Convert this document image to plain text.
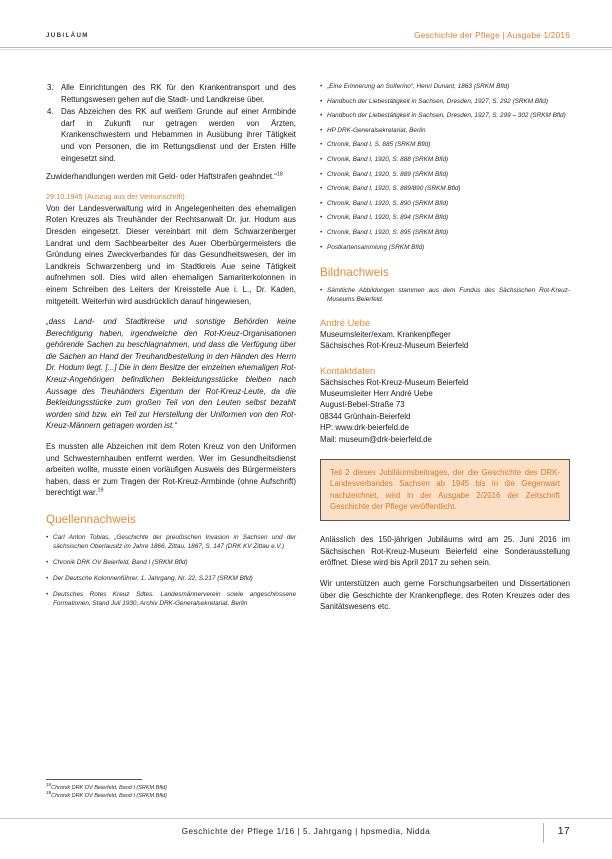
JUBILÄUM	Geschichte der Pflege | Ausgabe 1/2016
3. Alle Einrichtungen des RK für den Krankentransport und des Rettungswesen gehen auf die Stadt- und Landkreise über.
4. Das Abzeichen des RK auf weißem Grunde auf einer Armbinde darf in Zukunft nur getragen werden von Ärzten, Krankenschwestern und Hebammen in Ausübung ihrer Tätigkeit und von Personen, die im Rettungsdienst und der Ersten Hilfe eingesetzt sind.

Zuwiderhandlungen werden mit Geld- oder Haftstrafen geahndet.“$^{18}$

29.10.1945 (Auszug aus der Vernunschrift)

Von der Landesverwaltung wird in Angelegenheiten des ehemaligen Roten Kreuzes als Treuhänder der Rechtsanwalt Dr. jur. Hodum aus Dresden eingesetzt. Dieser vereinbart mit dem Schwarzenberger Landrat und dem Sachbearbeiter des Auer Oberbürgermeisters die Gründung eines Zweckverbandes für das Gesundheitswesen, der im Landkreis Schwarzenberg und im Stadtkreis Aue seine Tätigkeit aufnehmen soll. Dies wird allen ehemaligen Samariterkolonnen in einem Schreiben des Leiters der Kreisstelle Aue i. L., Dr. Kaden, mitgeteilt. Weiterhin wird ausdrücklich darauf hingewiesen,

„dass Land- und Stadtkreise und sonstige Behörden keine Berechtigung haben, irgendwelche den Rot-Kreuz-Organisationen gehörende Sachen zu beschlagnahmen, und dass die Verfügung über die Sachen an Hand der Treuhandbestellung in den Händen des Herrn Dr. Hodum liegt. [...] Die in dem Besitze der einzelnen ehemaligen Rot-Kreuz-Angehörigen befindlichen Bekleidungsstücke bleiben nach Aussage des Treuhänders Eigentum der Rot-Kreuz-Leute, da die Bekleidungsstücke zum großen Teil von den Leuten selbst bezahlt worden sind bzw. ein Teil zur Herstellung der Uniformen von den Rot-Kreuz-Männern getragen worden ist.“

Es mussten alle Abzeichen mit dem Roten Kreuz von den Uniformen und Schwesternhauben entfernt werden. Wer im Gesundheitsdienst arbeiten wollte, musste einen vorläufigen Ausweis des Bürgermeisters haben, dass er zum Tragen der Rot-Kreuz-Armbinde (ohne Aufschrift) berechtigt war.$^{19}$

Quellennachweis
• Carl Anton Tobias, „Geschichte der preußischen Invasion in Sachsen und der sächsischen Oberlausitz im Jahre 1866, Zittau, 1867, S. 147 (DRK KV Zittau e.V.)
• Chronik DRK OV Beierfeld, Band I (SRKM Bfld)
• Der Deutsche Kolonnenführer, 1. Jahrgang, Nr. 22, S.217 (SRKM Bfld)
• Deutsches Rotes Kreuz Sdtes. Landesmännerverein sowie angeschlossene Formationen, Stand Juli 1930, Archiv DRK-Generalsekretariat, Berlin
• „Eine Erinnerung an Solferino“, Henri Dunant, 1863 (SRKM Bfld)
• Handbuch der Liebestätigkeit in Sachsen, Dresden, 1927, S. 292 (SRKM Bfld)
• Handbuch der Liebestätigkeit in Sachsen, Dresden, 1927, S. 299 – 302 (SRKM Bfld)
• HP DRK-Generalsekretariat, Berlin
• Chronik, Band I, S. 885 (SRKM Bfld)
• Chronik, Band I, 1920, S. 888 (SRKM Bfld)
• Chronik, Band I, 1920, S. 889 (SRKM Bfld)
• Chronik, Band I, 1920, S. 889/890 (SRKM Bfld)
• Chronik, Band I, 1920, S. 890 (SRKM Bfld)
• Chronik, Band I, 1920, S. 894 (SRKM Bfld)
• Chronik, Band I, 1920, S. 895 (SRKM Bfld)
• Postkartensammlung (SRKM Bfld)
Bildnachweis
• Sämtliche Abbildungen stammen aus dem Fundus des Sächsischen Rot-Kreuz-Museums Beierfeld.
André Uebe
Museumsleiter/exam. Krankenpfleger
Sächsisches Rot-Kreuz-Museum Beierfeld
Kontaktdaten
Sächsisches Rot-Kreuz-Museum Beierfeld
Museumsleiter Herr André Uebe
August-Bebel-Straße 73
08344 Grünhain-Beierfeld
HP: www.drk-beierfeld.de
Mail: museum@drk-beierfeld.de

Teil 2 dieses Jubiläumsbeitrages, der die Geschichte des DRK-Landesverbandes Sachsen ab 1945 bis in die Gegenwart nachzeichnet, wird in der Ausgabe 2/2016 der Zeitschrift Geschichte der Pflege veröffentlicht.

Anlässlich des 150-jährigen Jubiläums wird am 25. Juni 2016 im Sächsischen Rot-Kreuz-Museum Beierfeld eine Sonderausstellung eröffnet. Diese wird bis April 2017 zu sehen sein.

Wir unterstützen auch gerne Forschungsarbeiten und Dissertationen über die Geschichte der Krankenpflege, des Roten Kreuzes oder des Sanitätswesens etc.

$^{18}$Chronik DRK OV Beierfeld, Band I (SRKM Bfld)
$^{19}$Chronik DRK OV Beierfeld, Band I (SRKM Bfld)
Geschichte der Pflege 1/16 | 5. Jahrgang | hpsmedia, Nidda	17
